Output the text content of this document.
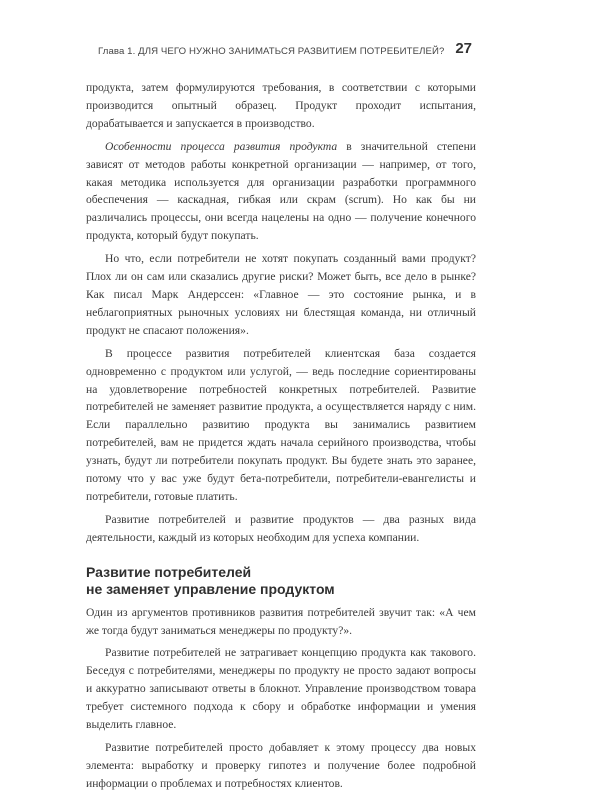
Глава 1. ДЛЯ ЧЕГО НУЖНО ЗАНИМАТЬСЯ РАЗВИТИЕМ ПОТРЕБИТЕЛЕЙ? 27

продукта, затем формулируются требования, в соответствии с которыми производится опытный образец. Продукт проходит испытания, дорабатывается и запускается в производство.

Особенности процесса развития продукта в значительной степени зависят от методов работы конкретной организации — например, от того, какая методика используется для организации разработки программного обеспечения — каскадная, гибкая или скрам (scrum). Но как бы ни различались процессы, они всегда нацелены на одно — получение конечного продукта, который будут покупать.

Но что, если потребители не хотят покупать созданный вами продукт? Плох ли он сам или сказались другие риски? Может быть, все дело в рынке? Как писал Марк Андерссен: «Главное — это состояние рынка, и в неблагоприятных рыночных условиях ни блестящая команда, ни отличный продукт не спасают положения».

В процессе развития потребителей клиентская база создается одновременно с продуктом или услугой, — ведь последние сориентированы на удовлетворение потребностей конкретных потребителей. Развитие потребителей не заменяет развитие продукта, а осуществляется наряду с ним. Если параллельно развитию продукта вы занимались развитием потребителей, вам не придется ждать начала серийного производства, чтобы узнать, будут ли потребители покупать продукт. Вы будете знать это заранее, потому что у вас уже будут бета-потребители, потребители-евангелисты и потребители, готовые платить.

Развитие потребителей и развитие продуктов — два разных вида деятельности, каждый из которых необходим для успеха компании.

Развитие потребителей
не заменяет управление продуктом

Один из аргументов противников развития потребителей звучит так: «А чем же тогда будут заниматься менеджеры по продукту?».

Развитие потребителей не затрагивает концепцию продукта как такового. Беседуя с потребителями, менеджеры по продукту не просто задают вопросы и аккуратно записывают ответы в блокнот. Управление производством товара требует системного подхода к сбору и обработке информации и умения выделить главное.

Развитие потребителей просто добавляет к этому процессу два новых элемента: выработку и проверку гипотез и получение более подробной информации о проблемах и потребностях клиентов.
